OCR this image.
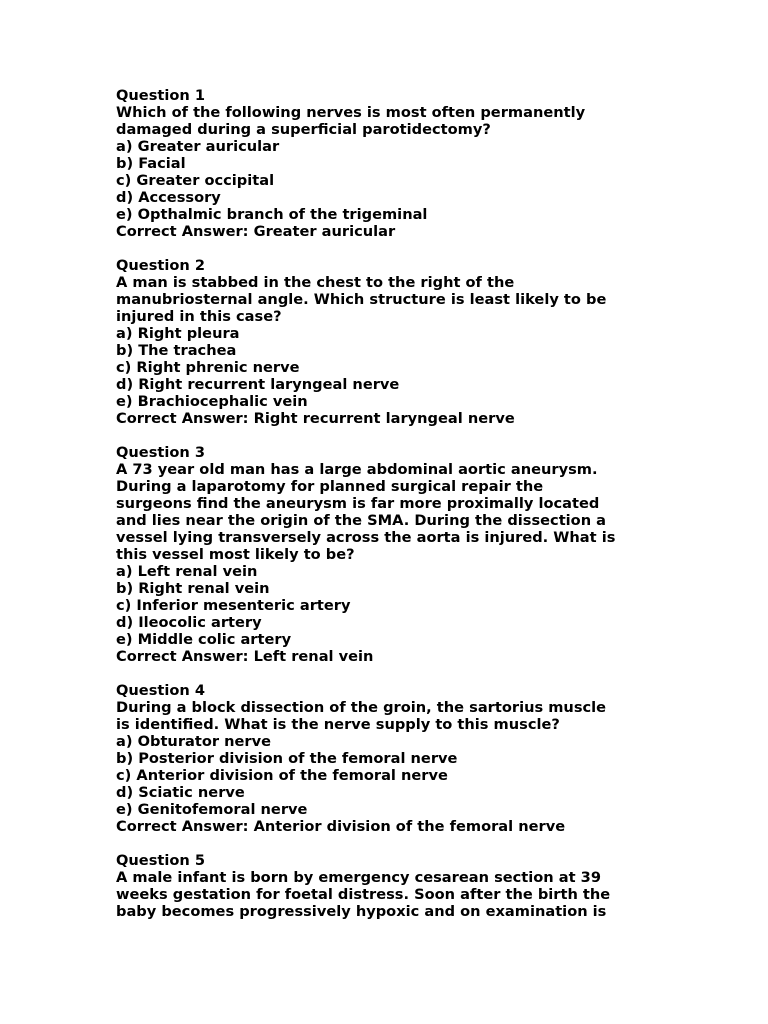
Question 1
Which of the following nerves is most often permanently
damaged during a superficial parotidectomy?
a) Greater auricular
b) Facial
c) Greater occipital
d) Accessory
e) Opthalmic branch of the trigeminal
Correct Answer: Greater auricular
Question 2
A man is stabbed in the chest to the right of the
manubriosternal angle. Which structure is least likely to be
injured in this case?
a) Right pleura
b) The trachea
c) Right phrenic nerve
d) Right recurrent laryngeal nerve
e) Brachiocephalic vein
Correct Answer: Right recurrent laryngeal nerve
Question 3
A 73 year old man has a large abdominal aortic aneurysm.
During a laparotomy for planned surgical repair the
surgeons find the aneurysm is far more proximally located
and lies near the origin of the SMA. During the dissection a
vessel lying transversely across the aorta is injured. What is
this vessel most likely to be?
a) Left renal vein
b) Right renal vein
c) Inferior mesenteric artery
d) Ileocolic artery
e) Middle colic artery
Correct Answer: Left renal vein
Question 4
During a block dissection of the groin, the sartorius muscle
is identified. What is the nerve supply to this muscle?
a) Obturator nerve
b) Posterior division of the femoral nerve
c) Anterior division of the femoral nerve
d) Sciatic nerve
e) Genitofemoral nerve
Correct Answer: Anterior division of the femoral nerve
Question 5
A male infant is born by emergency cesarean section at 39
weeks gestation for foetal distress. Soon after the birth the
baby becomes progressively hypoxic and on examination is
